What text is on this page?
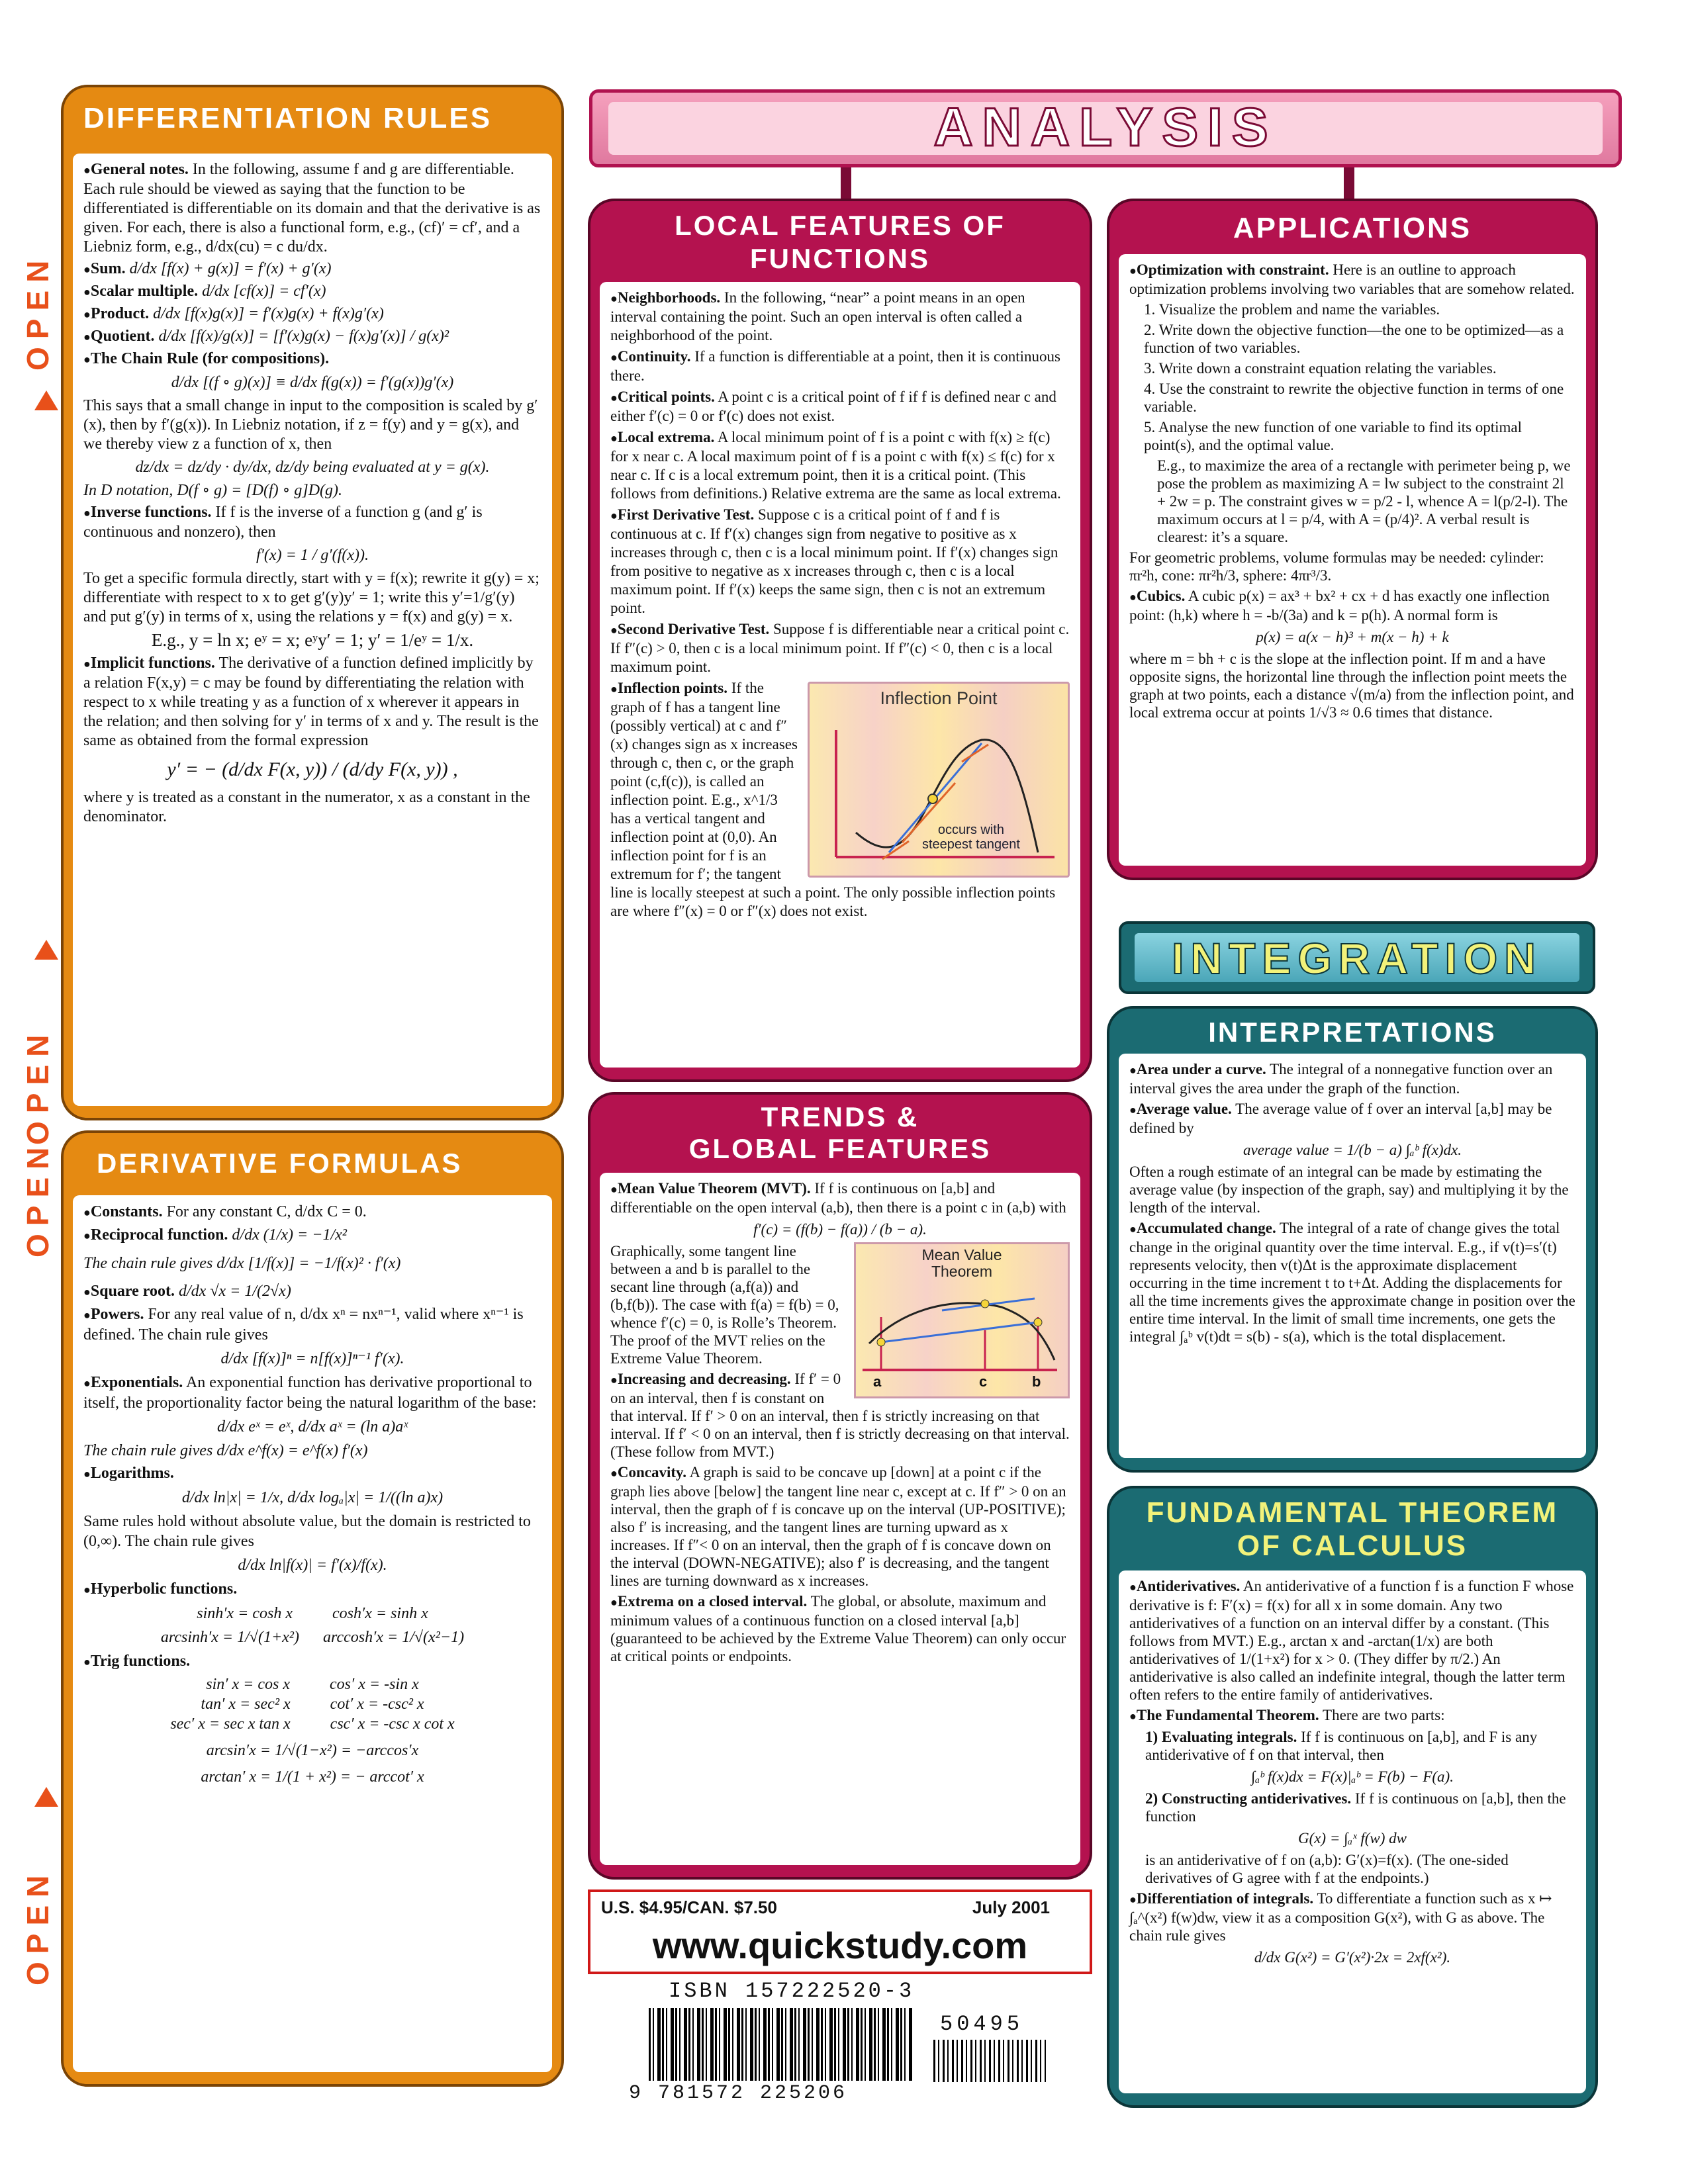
OPEN
OPEN
OPEN
OPEN
DIFFERENTIATION RULES

● General notes. In the following, assume f and g are differentiable. Each rule should be viewed as saying that the function to be differentiated is differentiable on its domain and that the derivative is as given. For each, there is also a functional form, e.g., (cf)′ = cf′, and a Liebniz form, e.g., d/dx(cu) = c du/dx.

● Sum. d/dx [f(x) + g(x)] = f′(x) + g′(x)

● Scalar multiple. d/dx [cf(x)] = cf′(x)

● Product. d/dx [f(x)g(x)] = f′(x)g(x) + f(x)g′(x)

● Quotient. d/dx [f(x)/g(x)] = [f′(x)g(x) − f(x)g′(x)] / g(x)²

● The Chain Rule (for compositions).

d/dx [(f ∘ g)(x)] ≡ d/dx f(g(x)) = f′(g(x))g′(x)

This says that a small change in input to the composition is scaled by g′(x), then by f′(g(x)). In Liebniz notation, if z = f(y) and y = g(x), and we thereby view z a function of x, then

dz/dx = dz/dy · dy/dx, dz/dy being evaluated at y = g(x).

In D notation, D(f ∘ g) = [D(f) ∘ g]D(g).

● Inverse functions. If f is the inverse of a function g (and g′ is continuous and nonzero), then

f′(x) = 1 / g′(f(x)).

To get a specific formula directly, start with y = f(x); rewrite it g(y) = x; differentiate with respect to x to get g′(y)y′ = 1; write this y′=1/g′(y) and put g′(y) in terms of x, using the relations y = f(x) and g(y) = x.

E.g., y = ln x; eʸ = x; eʸy′ = 1; y′ = 1/eʸ = 1/x.

● Implicit functions. The derivative of a function defined implicitly by a relation F(x,y) = c may be found by differentiating the relation with respect to x while treating y as a function of x wherever it appears in the relation; and then solving for y′ in terms of x and y. The result is the same as obtained from the formal expression

y′ = − (d/dx F(x, y)) / (d/dy F(x, y)) ,

where y is treated as a constant in the numerator, x as a constant in the denominator.

DERIVATIVE FORMULAS

● Constants. For any constant C, d/dx C = 0.

● Reciprocal function. d/dx (1/x) = −1/x²

The chain rule gives d/dx [1/f(x)] = −1/f(x)² · f′(x)

● Square root. d/dx √x = 1/(2√x)

● Powers. For any real value of n, d/dx xⁿ = nxⁿ⁻¹, valid where xⁿ⁻¹ is defined. The chain rule gives

d/dx [f(x)]ⁿ = n[f(x)]ⁿ⁻¹ f′(x).

● Exponentials. An exponential function has derivative proportional to itself, the proportionality factor being the natural logarithm of the base:

d/dx eˣ = eˣ, d/dx aˣ = (ln a)aˣ

The chain rule gives d/dx e^f(x) = e^f(x) f′(x)

● Logarithms.

d/dx ln|x| = 1/x, d/dx logₐ|x| = 1/((ln a)x)

Same rules hold without absolute value, but the domain is restricted to (0,∞). The chain rule gives

d/dx ln|f(x)| = f′(x)/f(x).

● Hyperbolic functions.

sinh′x = cosh x          cosh′x = sinh x

arcsinh′x = 1/√(1+x²)      arccosh′x = 1/√(x²−1)

● Trig functions.

sin′ x = cos x          cos′ x = -sin x

tan′ x = sec² x          cot′ x = -csc² x

sec′ x = sec x tan x          csc′ x = -csc x cot x

arcsin′x = 1/√(1−x²) = −arccos′x

arctan′ x = 1/(1 + x²) = − arccot′ x

ANALYSIS
LOCAL FEATURES OF
FUNCTIONS

● Neighborhoods. In the following, “near” a point means in an open interval containing the point. Such an open interval is often called a neighborhood of the point.

● Continuity. If a function is differentiable at a point, then it is continuous there.

● Critical points. A point c is a critical point of f if f is defined near c and either f′(c) = 0 or f′(c) does not exist.

● Local extrema. A local minimum point of f is a point c with f(x) ≥ f(c) for x near c. A local maximum point of f is a point c with f(x) ≤ f(c) for x near c. If c is a local extremum point, then it is a critical point. (This follows from definitions.) Relative extrema are the same as local extrema.

● First Derivative Test. Suppose c is a critical point of f and f is continuous at c. If f′(x) changes sign from negative to positive as x increases through c, then c is a local minimum point. If f′(x) changes sign from positive to negative as x increases through c, then c is a local maximum point. If f′(x) keeps the same sign, then c is not an extremum point.

● Second Derivative Test. Suppose f is differentiable near a critical point c. If f″(c) > 0, then c is a local minimum point. If f″(c) < 0, then c is a local maximum point.

Inflection Point
occurs with
steepest tangent

● Inflection points. If the graph of f has a tangent line (possibly vertical) at c and f″(x) changes sign as x increases through c, then c, or the graph point (c,f(c)), is called an inflection point. E.g., x^1/3 has a vertical tangent and inflection point at (0,0). An inflection point for f is an extremum for f′; the tangent line is locally steepest at such a point. The only possible inflection points are where f″(x) = 0 or f″(x) does not exist.

TRENDS &
GLOBAL FEATURES

● Mean Value Theorem (MVT). If f is continuous on [a,b] and differentiable on the open interval (a,b), then there is a point c in (a,b) with

f′(c) = (f(b) − f(a)) / (b − a).

Mean Value
Theorem
a	c	b

Graphically, some tangent line between a and b is parallel to the secant line through (a,f(a)) and (b,f(b)). The case with f(a) = f(b) = 0, whence f′(c) = 0, is Rolle’s Theorem. The proof of the MVT relies on the Extreme Value Theorem.

● Increasing and decreasing. If f′ = 0 on an interval, then f is constant on that interval. If f′ > 0 on an interval, then f is strictly increasing on that interval. If f′ < 0 on an interval, then f is strictly decreasing on that interval. (These follow from MVT.)

● Concavity. A graph is said to be concave up [down] at a point c if the graph lies above [below] the tangent line near c, except at c. If f″ > 0 on an interval, then the graph of f is concave up on the interval (UP-POSITIVE); also f′ is increasing, and the tangent lines are turning upward as x increases. If f″< 0 on an interval, then the graph of f is concave down on the interval (DOWN-NEGATIVE); also f′ is decreasing, and the tangent lines are turning downward as x increases.

● Extrema on a closed interval. The global, or absolute, maximum and minimum values of a continuous function on a closed interval [a,b] (guaranteed to be achieved by the Extreme Value Theorem) can only occur at critical points or endpoints.

APPLICATIONS

● Optimization with constraint. Here is an outline to approach optimization problems involving two variables that are somehow related.

1. Visualize the problem and name the variables.

2. Write down the objective function—the one to be optimized—as a function of two variables.

3. Write down a constraint equation relating the variables.

4. Use the constraint to rewrite the objective function in terms of one variable.

5. Analyse the new function of one variable to find its optimal point(s), and the optimal value.

E.g., to maximize the area of a rectangle with perimeter being p, we pose the problem as maximizing A = lw subject to the constraint 2l + 2w = p. The constraint gives w = p/2 - l, whence A = l(p/2-l). The maximum occurs at l = p/4, with A = (p/4)². A verbal result is clearest: it’s a square.

For geometric problems, volume formulas may be needed: cylinder: πr²h, cone: πr²h/3, sphere: 4πr³/3.

● Cubics. A cubic p(x) = ax³ + bx² + cx + d has exactly one inflection point: (h,k) where h = -b/(3a) and k = p(h). A normal form is

p(x) = a(x − h)³ + m(x − h) + k

where m = bh + c is the slope at the inflection point. If m and a have opposite signs, the horizontal line through the inflection point meets the graph at two points, each a distance √(m/a) from the inflection point, and local extrema occur at points 1/√3 ≈ 0.6 times that distance.

INTEGRATION
INTERPRETATIONS

● Area under a curve. The integral of a nonnegative function over an interval gives the area under the graph of the function.

● Average value. The average value of f over an interval [a,b] may be defined by

average value = 1/(b − a) ∫ₐᵇ f(x)dx.

Often a rough estimate of an integral can be made by estimating the average value (by inspection of the graph, say) and multiplying it by the length of the interval.

● Accumulated change. The integral of a rate of change gives the total change in the original quantity over the time interval. E.g., if v(t)=s′(t) represents velocity, then v(t)Δt is the approximate displacement occurring in the time increment t to t+Δt. Adding the displacements for all the time increments gives the approximate change in position over the entire time interval. In the limit of small time increments, one gets the integral ∫ₐᵇ v(t)dt = s(b) - s(a), which is the total displacement.

FUNDAMENTAL THEOREM
OF CALCULUS

● Antiderivatives. An antiderivative of a function f is a function F whose derivative is f: F′(x) = f(x) for all x in some domain. Any two antiderivatives of a function on an interval differ by a constant. (This follows from MVT.) E.g., arctan x and -arctan(1/x) are both antiderivatives of 1/(1+x²) for x > 0. (They differ by π/2.) An antiderivative is also called an indefinite integral, though the latter term often refers to the entire family of antiderivatives.

● The Fundamental Theorem. There are two parts:

1) Evaluating integrals. If f is continuous on [a,b], and F is any antiderivative of f on that interval, then

∫ₐᵇ f(x)dx = F(x)|ₐᵇ = F(b) − F(a).

2) Constructing antiderivatives. If f is continuous on [a,b], then the function

G(x) = ∫ₐˣ f(w) dw

is an antiderivative of f on (a,b): G′(x)=f(x). (The one-sided derivatives of G agree with f at the endpoints.)

● Differentiation of integrals. To differentiate a function such as x ↦ ∫ₐ^(x²) f(w)dw, view it as a composition G(x²), with G as above. The chain rule gives

d/dx G(x²) = G′(x²)·2x = 2xf(x²).

U.S. $4.95/CAN. $7.50	July 2001
www.quickstudy.com
ISBN 157222520-3
50495
9 781572 225206
